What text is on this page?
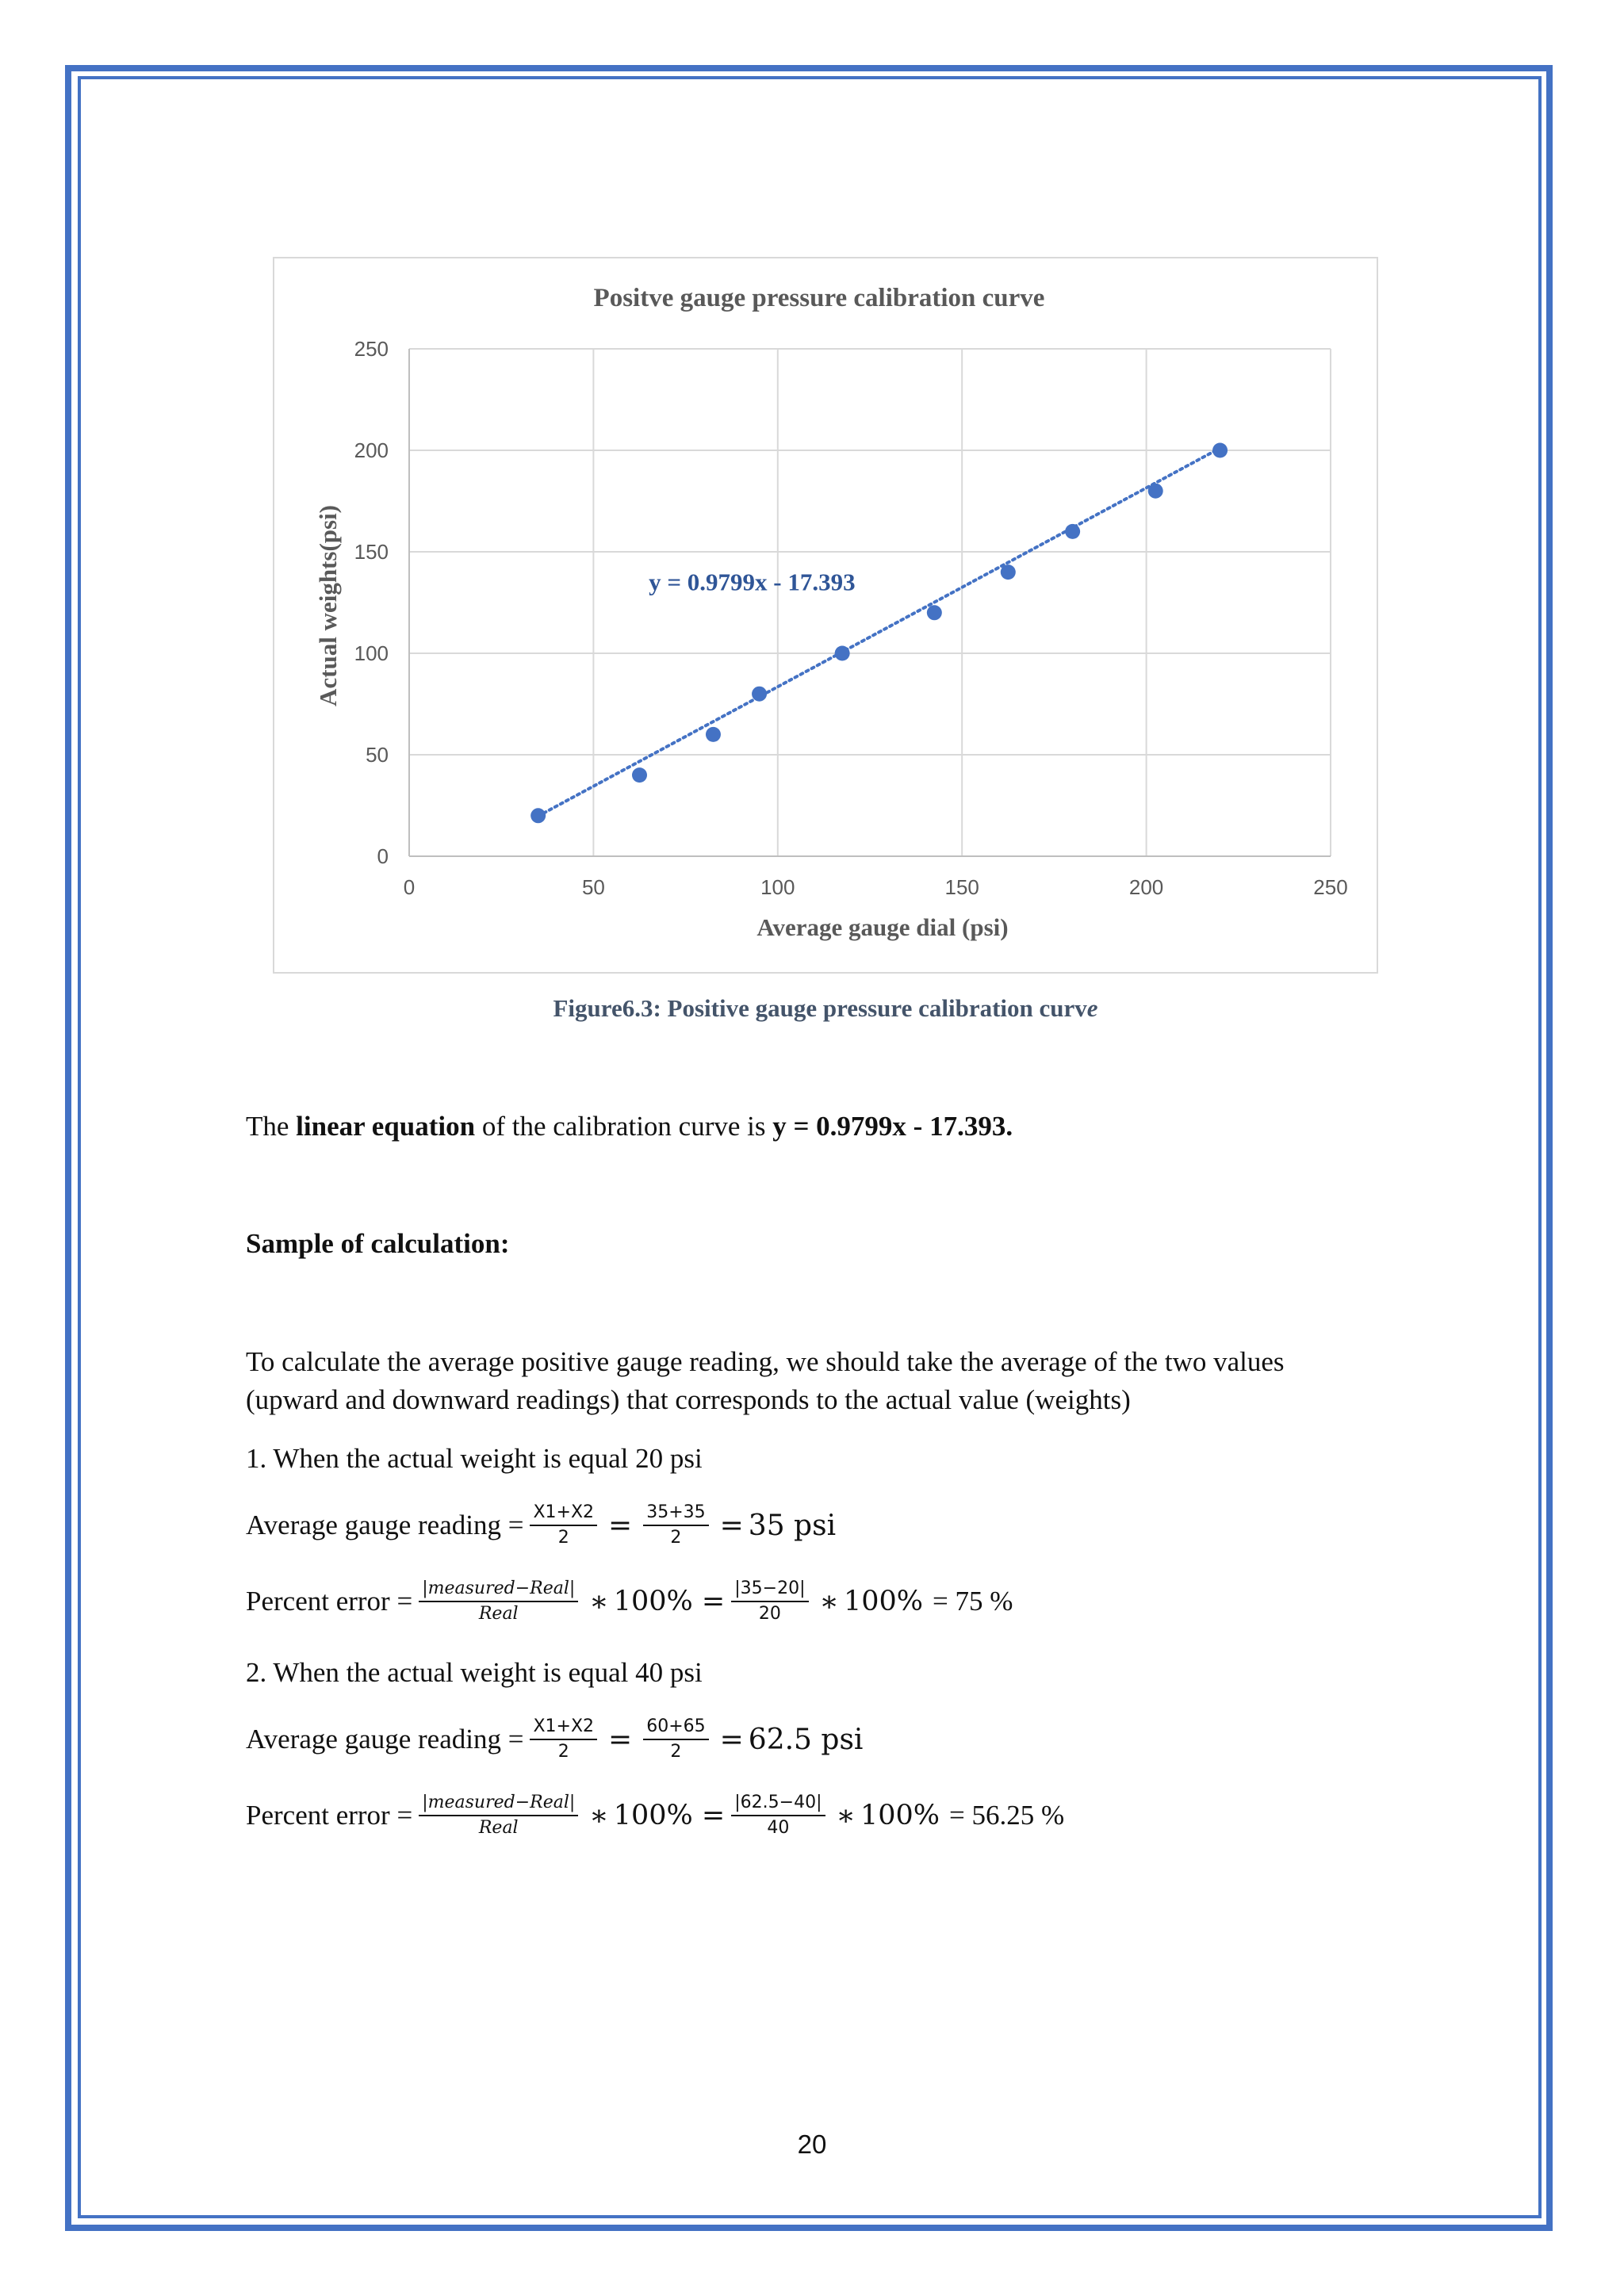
Positve gauge pressure calibration curve
0
50
100
150
200
250
0	50	100	150	200	250
Average gauge dial (psi)
Actual weights(psi)	y = 0.9799x - 17.393
Figure6.3: Positive gauge pressure calibration curve
The linear equation of the calibration curve is y = 0.9799x - 17.393.
Sample of calculation:
To calculate the average positive gauge reading, we should take the average of the two values (upward and downward readings) that corresponds to the actual value (weights)
1. When the actual weight is equal 20 psi
Average gauge reading = $\frac{X1+X2}{2} = \frac{35+35}{2} = 35$ psi
Percent error = $\frac{\text{|measured−Real|}}{\text{Real}}$ ∗ $100\% = \frac{|35-20|}{20}$ ∗ 100% = 75 %
2. When the actual weight is equal 40 psi
Average gauge reading = $\frac{X1+X2}{2} = \frac{60+65}{2} = 62.5$ psi
Percent error = $\frac{\text{|measured−Real|}}{\text{Real}}$ ∗ $100\% = \frac{|62.5-40|}{40}$ ∗ 100% = 56.25 %
20
